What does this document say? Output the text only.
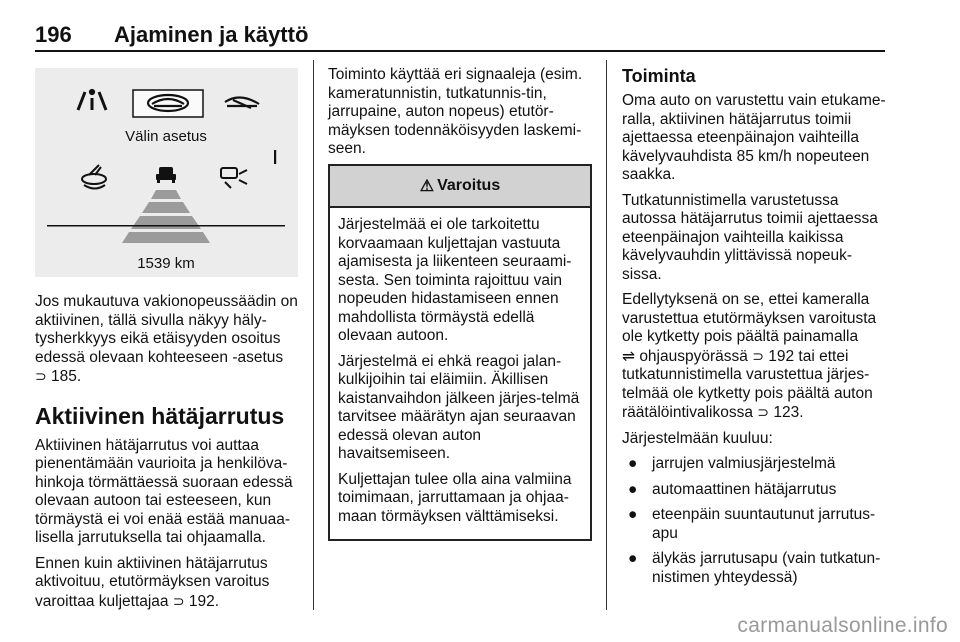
196 Ajaminen ja käyttö
Välin asetus
1539 km

Jos mukautuva vakionopeussäädin on aktiivinen, tällä sivulla näkyy häly-tysherkkyys eikä etäisyyden osoitus edessä olevaan kohteeseen -asetus
⊃ 185.

Aktiivinen hätäjarrutus

Aktiivinen hätäjarrutus voi auttaa pienentämään vaurioita ja henkilöva-hinkoja törmättäessä suoraan edessä olevaan autoon tai esteeseen, kun törmäystä ei voi enää estää manuaa-lisella jarrutuksella tai ohjaamalla.

Ennen kuin aktiivinen hätäjarrutus aktivoituu, etutörmäyksen varoitus varoittaa kuljettajaa ⊃ 192.

Toiminto käyttää eri signaaleja (esim. kameratunnistin, tutkatunnis-tin, jarrupaine, auton nopeus) etutör-mäyksen todennäköisyyden laskemi-seen.

⚠ Varoitus

Järjestelmää ei ole tarkoitettu korvaamaan kuljettajan vastuuta ajamisesta ja liikenteen seuraami-sesta. Sen toiminta rajoittuu vain nopeuden hidastamiseen ennen mahdollista törmäystä edellä olevaan autoon.

Järjestelmä ei ehkä reagoi jalan-kulkijoihin tai eläimiin. Äkillisen kaistanvaihdon jälkeen järjes-telmä tarvitsee määrätyn ajan seuraavan edessä olevan auton havaitsemiseen.

Kuljettajan tulee olla aina valmiina toimimaan, jarruttamaan ja ohjaa-maan törmäyksen välttämiseksi.

Toiminta

Oma auto on varustettu vain etukame-ralla, aktiivinen hätäjarrutus toimii ajettaessa eteenpäinajon vaihteilla kävelyvauhdista 85 km/h nopeuteen saakka.

Tutkatunnistimella varustetussa autossa hätäjarrutus toimii ajettaessa eteenpäinajon vaihteilla kaikissa kävelyvauhdin ylittävissä nopeuk-sissa.

Edellytyksenä on se, ettei kameralla varustettua etutörmäyksen varoitusta ole kytketty pois päältä painamalla
⇌ ohjauspyörässä ⊃ 192 tai ettei tutkatunnistimella varustettua järjes-telmää ole kytketty pois päältä auton räätälöintivalikossa ⊃ 123.

Järjestelmään kuuluu:

● jarrujen valmiusjärjestelmä
● automaattinen hätäjarrutus
● eteenpäin suuntautunut jarrutus-apu
● älykäs jarrutusapu (vain tutkatun-nistimen yhteydessä)
carmanualsonline.info
